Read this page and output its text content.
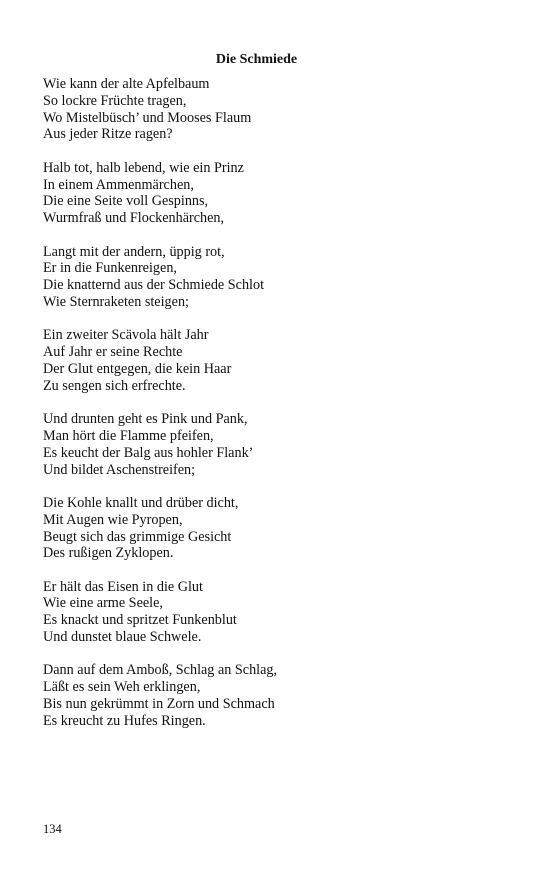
Die Schmiede
Wie kann der alte Apfelbaum
So lockre Früchte tragen,
Wo Mistelbüsch’ und Mooses Flaum
Aus jeder Ritze ragen?
Halb tot, halb lebend, wie ein Prinz
In einem Ammenmärchen,
Die eine Seite voll Gespinns,
Wurmfraß und Flockenhärchen,
Langt mit der andern, üppig rot,
Er in die Funkenreigen,
Die knatternd aus der Schmiede Schlot
Wie Sternraketen steigen;
Ein zweiter Scävola hält Jahr
Auf Jahr er seine Rechte
Der Glut entgegen, die kein Haar
Zu sengen sich erfrechte.
Und drunten geht es Pink und Pank,
Man hört die Flamme pfeifen,
Es keucht der Balg aus hohler Flank’
Und bildet Aschenstreifen;
Die Kohle knallt und drüber dicht,
Mit Augen wie Pyropen,
Beugt sich das grimmige Gesicht
Des rußigen Zyklopen.
Er hält das Eisen in die Glut
Wie eine arme Seele,
Es knackt und spritzet Funkenblut
Und dunstet blaue Schwele.
Dann auf dem Amboß, Schlag an Schlag,
Läßt es sein Weh erklingen,
Bis nun gekrümmt in Zorn und Schmach
Es kreucht zu Hufes Ringen.
134
